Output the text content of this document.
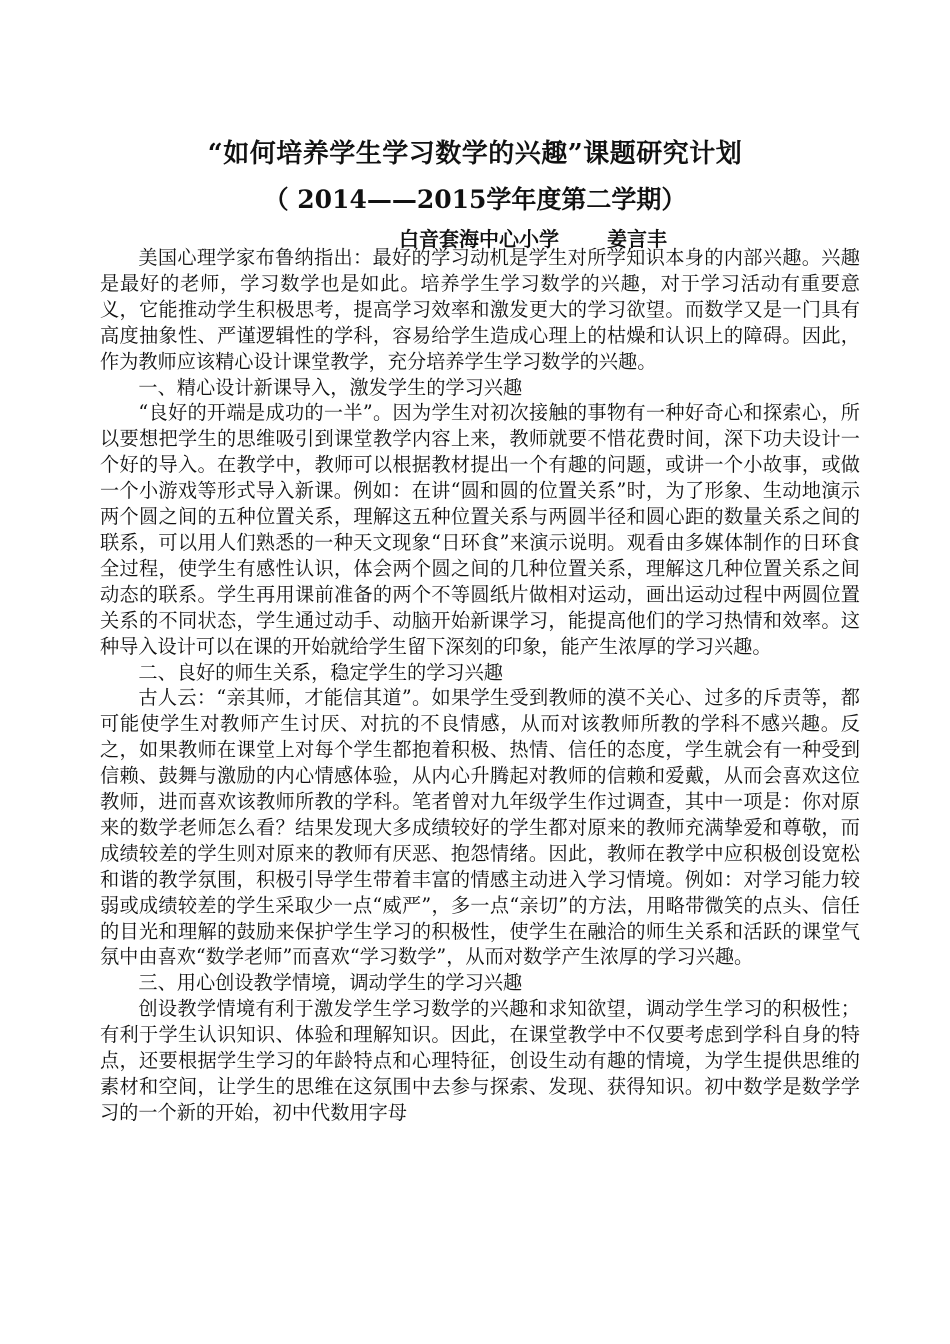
“如何培养学生学习数学的兴趣”课题研究计划
（ 2014——2015学年度第二学期）
白音套海中心小学 姜言丰

美国心理学家布鲁纳指出：最好的学习动机是学生对所学知识本身的内部兴趣。兴趣是最好的老师，学习数学也是如此。培养学生学习数学的兴趣，对于学习活动有重要意义，它能推动学生积极思考，提高学习效率和激发更大的学习欲望。而数学又是一门具有高度抽象性、严谨逻辑性的学科，容易给学生造成心理上的枯燥和认识上的障碍。因此，作为教师应该精心设计课堂教学，充分培养学生学习数学的兴趣。

一、精心设计新课导入，激发学生的学习兴趣

“良好的开端是成功的一半”。因为学生对初次接触的事物有一种好奇心和探索心，所以要想把学生的思维吸引到课堂教学内容上来，教师就要不惜花费时间，深下功夫设计一个好的导入。在教学中，教师可以根据教材提出一个有趣的问题，或讲一个小故事，或做一个小游戏等形式导入新课。例如：在讲“圆和圆的位置关系”时，为了形象、生动地演示两个圆之间的五种位置关系，理解这五种位置关系与两圆半径和圆心距的数量关系之间的联系，可以用人们熟悉的一种天文现象“日环食”来演示说明。观看由多媒体制作的日环食全过程，使学生有感性认识，体会两个圆之间的几种位置关系，理解这几种位置关系之间动态的联系。学生再用课前准备的两个不等圆纸片做相对运动，画出运动过程中两圆位置关系的不同状态，学生通过动手、动脑开始新课学习，能提高他们的学习热情和效率。这种导入设计可以在课的开始就给学生留下深刻的印象，能产生浓厚的学习兴趣。

二、良好的师生关系，稳定学生的学习兴趣

古人云：“亲其师，才能信其道”。如果学生受到教师的漠不关心、过多的斥责等，都可能使学生对教师产生讨厌、对抗的不良情感，从而对该教师所教的学科不感兴趣。反之，如果教师在课堂上对每个学生都抱着积极、热情、信任的态度，学生就会有一种受到信赖、鼓舞与激励的内心情感体验，从内心升腾起对教师的信赖和爱戴，从而会喜欢这位教师，进而喜欢该教师所教的学科。笔者曾对九年级学生作过调查，其中一项是：你对原来的数学老师怎么看？结果发现大多成绩较好的学生都对原来的教师充满挚爱和尊敬，而成绩较差的学生则对原来的教师有厌恶、抱怨情绪。因此，教师在教学中应积极创设宽松和谐的教学氛围，积极引导学生带着丰富的情感主动进入学习情境。例如：对学习能力较弱或成绩较差的学生采取少一点“威严”，多一点“亲切”的方法，用略带微笑的点头、信任的目光和理解的鼓励来保护学生学习的积极性，使学生在融洽的师生关系和活跃的课堂气氛中由喜欢“数学老师”而喜欢“学习数学”，从而对数学产生浓厚的学习兴趣。

三、用心创设教学情境，调动学生的学习兴趣

创设教学情境有利于激发学生学习数学的兴趣和求知欲望，调动学生学习的积极性；有利于学生认识知识、体验和理解知识。因此，在课堂教学中不仅要考虑到学科自身的特点，还要根据学生学习的年龄特点和心理特征，创设生动有趣的情境，为学生提供思维的素材和空间，让学生的思维在这氛围中去参与探索、发现、获得知识。初中数学是数学学习的一个新的开始，初中代数用字母
